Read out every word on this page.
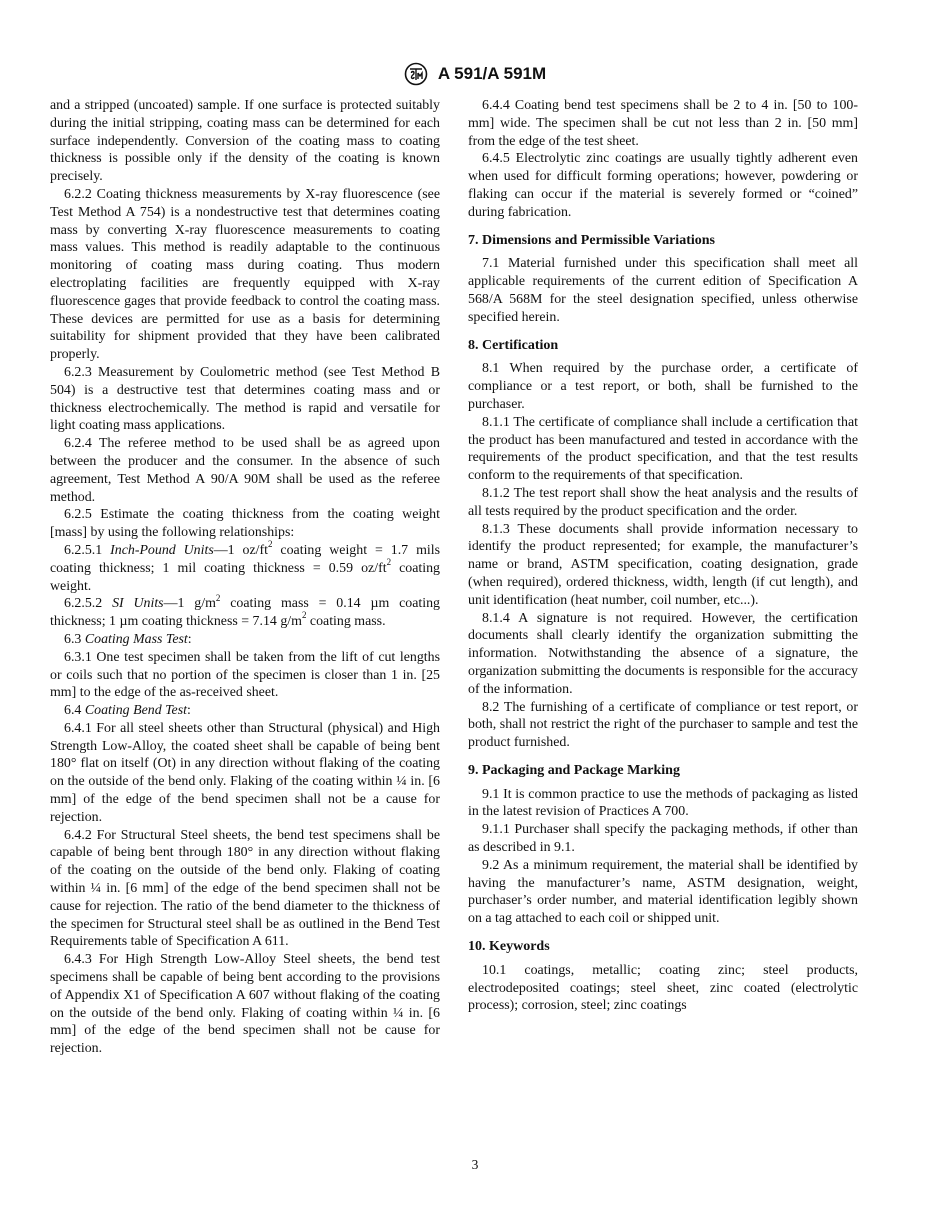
A 591/A 591M

and a stripped (uncoated) sample. If one surface is protected suitably during the initial stripping, coating mass can be determined for each surface independently. Conversion of the coating mass to coating thickness is possible only if the density of the coating is known precisely.

6.2.2 Coating thickness measurements by X-ray fluorescence (see Test Method A 754) is a nondestructive test that determines coating mass by converting X-ray fluorescence measurements to coating mass values. This method is readily adaptable to the continuous monitoring of coating mass during coating. Thus modern electroplating facilities are frequently equipped with X-ray fluorescence gages that provide feedback to control the coating mass. These devices are permitted for use as a basis for determining suitability for shipment provided that they have been calibrated properly.

6.2.3 Measurement by Coulometric method (see Test Method B 504) is a destructive test that determines coating mass and or thickness electrochemically. The method is rapid and versatile for light coating mass applications.

6.2.4 The referee method to be used shall be as agreed upon between the producer and the consumer. In the absence of such agreement, Test Method A 90/A 90M shall be used as the referee method.

6.2.5 Estimate the coating thickness from the coating weight [mass] by using the following relationships:

6.2.5.1 Inch-Pound Units—1 $oz/ft^2$ coating weight = 1.7 mils coating thickness; 1 mil coating thickness = 0.59 $oz/ft^2$ coating weight.

6.2.5.2 SI Units—1 $g/m^2$ coating mass = 0.14 µm coating thickness; 1 µm coating thickness = 7.14 $g/m^2$ coating mass.

6.3 Coating Mass Test:

6.3.1 One test specimen shall be taken from the lift of cut lengths or coils such that no portion of the specimen is closer than 1 in. [25 mm] to the edge of the as-received sheet.

6.4 Coating Bend Test:

6.4.1 For all steel sheets other than Structural (physical) and High Strength Low-Alloy, the coated sheet shall be capable of being bent 180° flat on itself (Ot) in any direction without flaking of the coating on the outside of the bend only. Flaking of the coating within ¼ in. [6 mm] of the edge of the bend specimen shall not be a cause for rejection.

6.4.2 For Structural Steel sheets, the bend test specimens shall be capable of being bent through 180° in any direction without flaking of the coating on the outside of the bend only. Flaking of coating within ¼ in. [6 mm] of the edge of the bend specimen shall not be cause for rejection. The ratio of the bend diameter to the thickness of the specimen for Structural steel shall be as outlined in the Bend Test Requirements table of Specification A 611.

6.4.3 For High Strength Low-Alloy Steel sheets, the bend test specimens shall be capable of being bent according to the provisions of Appendix X1 of Specification A 607 without flaking of the coating on the outside of the bend only. Flaking of coating within ¼ in. [6 mm] of the edge of the bend specimen shall not be cause for rejection.

6.4.4 Coating bend test specimens shall be 2 to 4 in. [50 to 100-mm] wide. The specimen shall be cut not less than 2 in. [50 mm] from the edge of the test sheet.

6.4.5 Electrolytic zinc coatings are usually tightly adherent even when used for difficult forming operations; however, powdering or flaking can occur if the material is severely formed or “coined” during fabrication.

7. Dimensions and Permissible Variations

7.1 Material furnished under this specification shall meet all applicable requirements of the current edition of Specification A 568/A 568M for the steel designation specified, unless otherwise specified herein.

8. Certification

8.1 When required by the purchase order, a certificate of compliance or a test report, or both, shall be furnished to the purchaser.

8.1.1 The certificate of compliance shall include a certification that the product has been manufactured and tested in accordance with the requirements of the product specification, and that the test results conform to the requirements of that specification.

8.1.2 The test report shall show the heat analysis and the results of all tests required by the product specification and the order.

8.1.3 These documents shall provide information necessary to identify the product represented; for example, the manufacturer’s name or brand, ASTM specification, coating designation, grade (when required), ordered thickness, width, length (if cut length), and unit identification (heat number, coil number, etc...).

8.1.4 A signature is not required. However, the certification documents shall clearly identify the organization submitting the information. Notwithstanding the absence of a signature, the organization submitting the documents is responsible for the accuracy of the information.

8.2 The furnishing of a certificate of compliance or test report, or both, shall not restrict the right of the purchaser to sample and test the product furnished.

9. Packaging and Package Marking

9.1 It is common practice to use the methods of packaging as listed in the latest revision of Practices A 700.

9.1.1 Purchaser shall specify the packaging methods, if other than as described in 9.1.

9.2 As a minimum requirement, the material shall be identified by having the manufacturer’s name, ASTM designation, weight, purchaser’s order number, and material identification legibly shown on a tag attached to each coil or shipped unit.

10. Keywords

10.1 coatings, metallic; coating zinc; steel products, electrodeposited coatings; steel sheet, zinc coated (electrolytic process); corrosion, steel; zinc coatings

3
